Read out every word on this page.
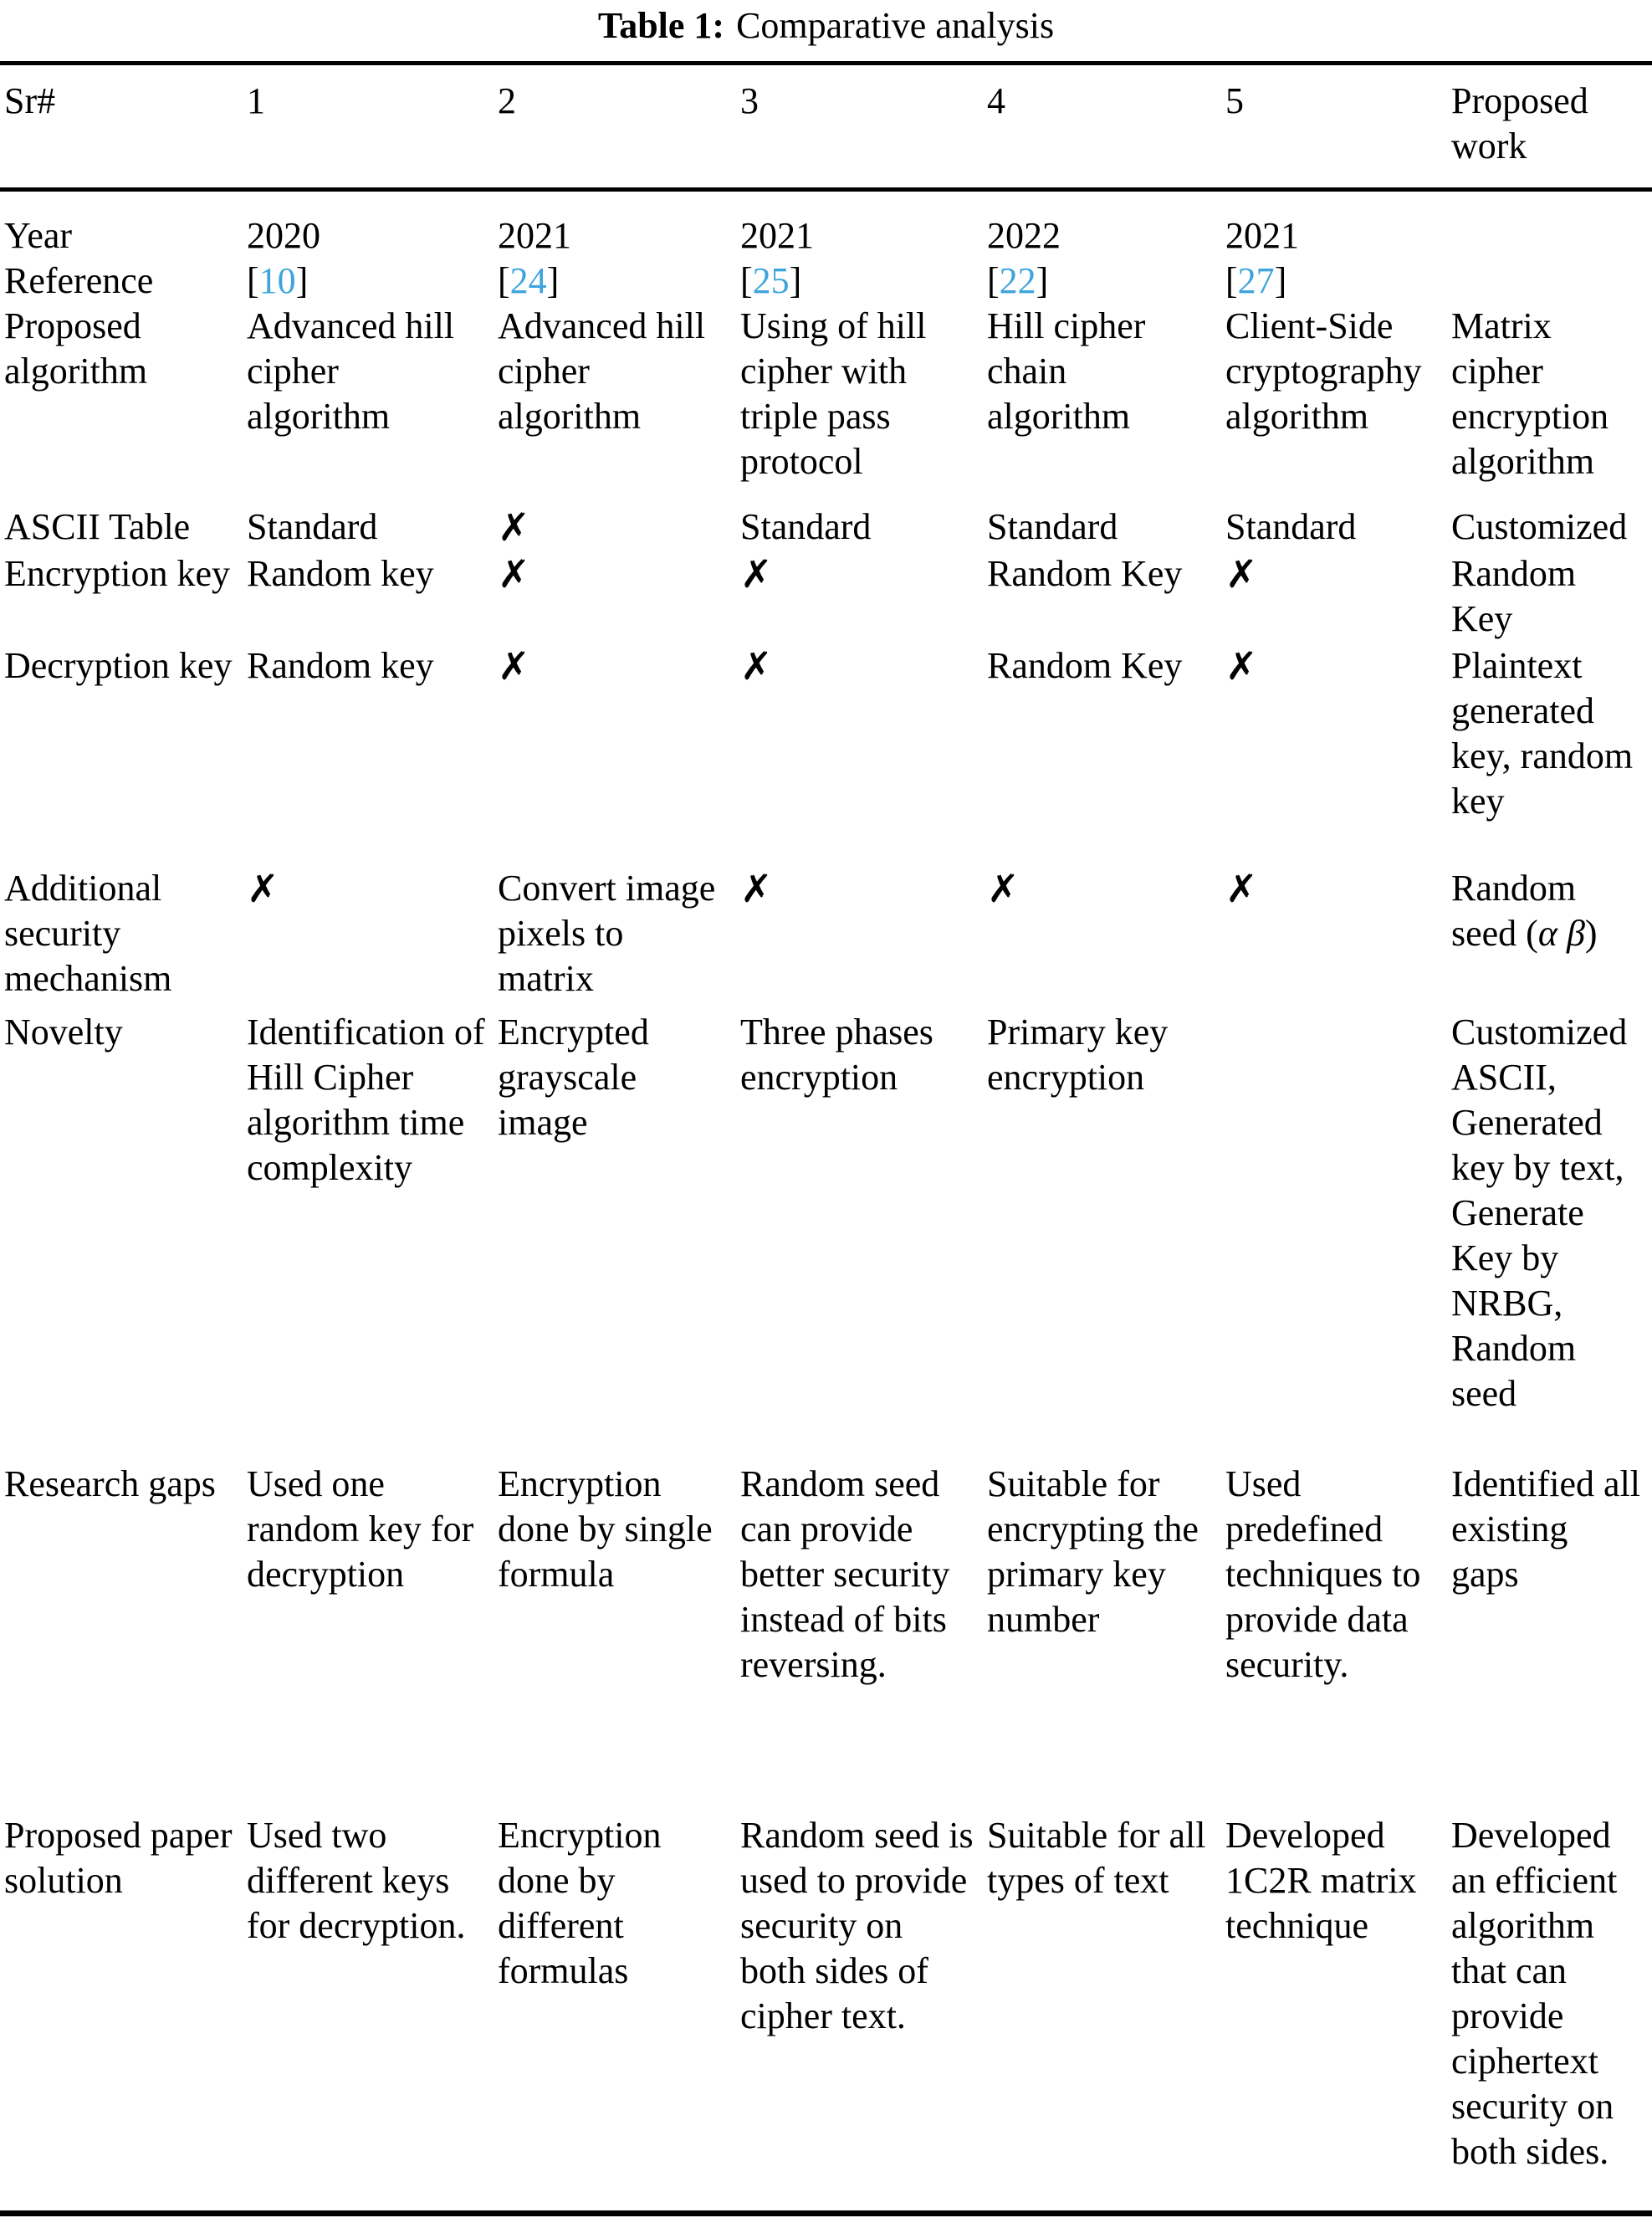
Table 1: Comparative analysis
Sr#	1	2	3	4	5	Proposed work
Year	2020	2021	2021	2022	2021	
Reference	[10]	[24]	[25]	[22]	[27]	
Proposed algorithm	Advanced hill cipher algorithm	Advanced hill cipher algorithm	Using of hill cipher with triple pass protocol	Hill cipher chain algorithm	Client-Side cryptography algorithm	Matrix cipher encryption algorithm
ASCII Table	Standard	✗	Standard	Standard	Standard	Customized
Encryption key	Random key	✗	✗	Random Key	✗	Random Key
Decryption key	Random key	✗	✗	Random Key	✗	Plaintext generated key, random key
Additional security mechanism	✗	Convert image pixels to matrix	✗	✗	✗	Random seed (α β)
Novelty	Identification of Hill Cipher algorithm time complexity	Encrypted grayscale image	Three phases encryption	Primary key encryption		Customized ASCII, Generated key by text, Generate Key by NRBG, Random seed
Research gaps	Used one random key for decryption	Encryption done by single formula	Random seed can provide better security instead of bits reversing.	Suitable for encrypting the primary key number	Used predefined techniques to provide data security.	Identified all existing gaps
Proposed paper solution	Used two different keys for decryption.	Encryption done by different formulas	Random seed is used to provide security on both sides of cipher text.	Suitable for all types of text	Developed 1C2R matrix technique	Developed an efficient algorithm that can provide ciphertext security on both sides.
